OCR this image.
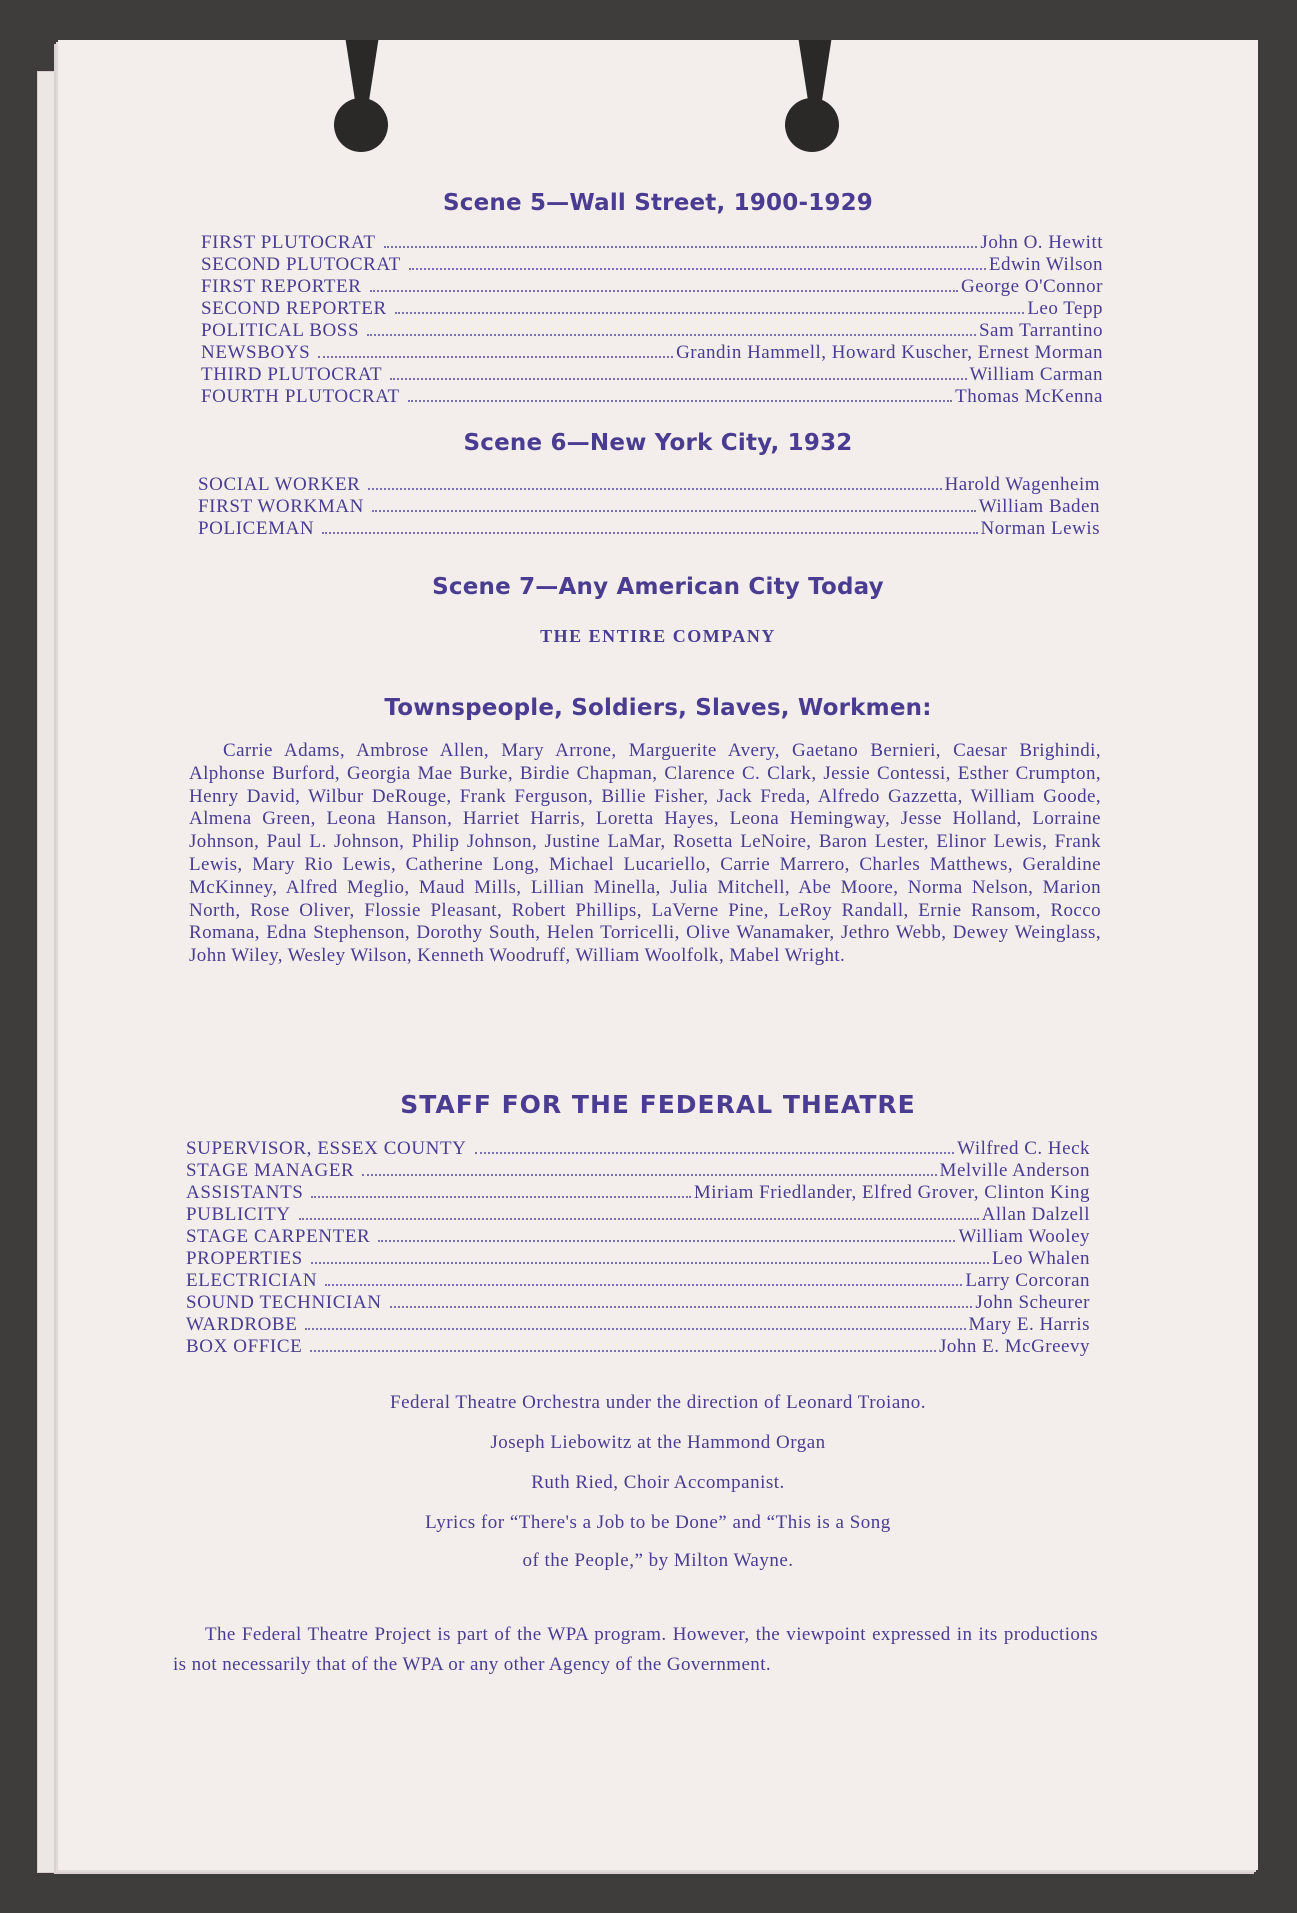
Scene 5—Wall Street, 1900-1929
FIRST PLUTOCRAT	John O. Hewitt
SECOND PLUTOCRAT	Edwin Wilson
FIRST REPORTER	George O'Connor
SECOND REPORTER	Leo Tepp
POLITICAL BOSS	Sam Tarrantino
NEWSBOYS	Grandin Hammell, Howard Kuscher, Ernest Morman
THIRD PLUTOCRAT	William Carman
FOURTH PLUTOCRAT	Thomas McKenna
Scene 6—New York City, 1932
SOCIAL WORKER	Harold Wagenheim
FIRST WORKMAN	William Baden
POLICEMAN	Norman Lewis
Scene 7—Any American City Today
THE ENTIRE COMPANY
Townspeople, Soldiers, Slaves, Workmen:
Carrie Adams, Ambrose Allen, Mary Arrone, Marguerite Avery, Gaetano Bernieri, Caesar Brighindi, Alphonse Burford, Georgia Mae Burke, Birdie Chapman, Clarence C. Clark, Jessie Contessi, Esther Crumpton, Henry David, Wilbur DeRouge, Frank Ferguson, Billie Fisher, Jack Freda, Alfredo Gazzetta, William Goode, Almena Green, Leona Hanson, Harriet Harris, Loretta Hayes, Leona Hemingway, Jesse Holland, Lorraine Johnson, Paul L. Johnson, Philip Johnson, Justine LaMar, Rosetta LeNoire, Baron Lester, Elinor Lewis, Frank Lewis, Mary Rio Lewis, Catherine Long, Michael Lucariello, Carrie Marrero, Charles Matthews, Geraldine McKinney, Alfred Meglio, Maud Mills, Lillian Minella, Julia Mitchell, Abe Moore, Norma Nelson, Marion North, Rose Oliver, Flossie Pleasant, Robert Phillips, LaVerne Pine, LeRoy Randall, Ernie Ransom, Rocco Romana, Edna Stephenson, Dorothy South, Helen Torricelli, Olive Wanamaker, Jethro Webb, Dewey Weinglass, John Wiley, Wesley Wilson, Kenneth Woodruff, William Woolfolk, Mabel Wright.
STAFF FOR THE FEDERAL THEATRE
SUPERVISOR, ESSEX COUNTY	Wilfred C. Heck
STAGE MANAGER	Melville Anderson
ASSISTANTS	Miriam Friedlander, Elfred Grover, Clinton King
PUBLICITY	Allan Dalzell
STAGE CARPENTER	William Wooley
PROPERTIES	Leo Whalen
ELECTRICIAN	Larry Corcoran
SOUND TECHNICIAN	John Scheurer
WARDROBE	Mary E. Harris
BOX OFFICE	John E. McGreevy
Federal Theatre Orchestra under the direction of Leonard Troiano.
Joseph Liebowitz at the Hammond Organ
Ruth Ried, Choir Accompanist.
Lyrics for “There's a Job to be Done” and “This is a Song
of the People,” by Milton Wayne.
The Federal Theatre Project is part of the WPA program. However, the viewpoint expressed in its productions is not necessarily that of the WPA or any other Agency of the Government.
